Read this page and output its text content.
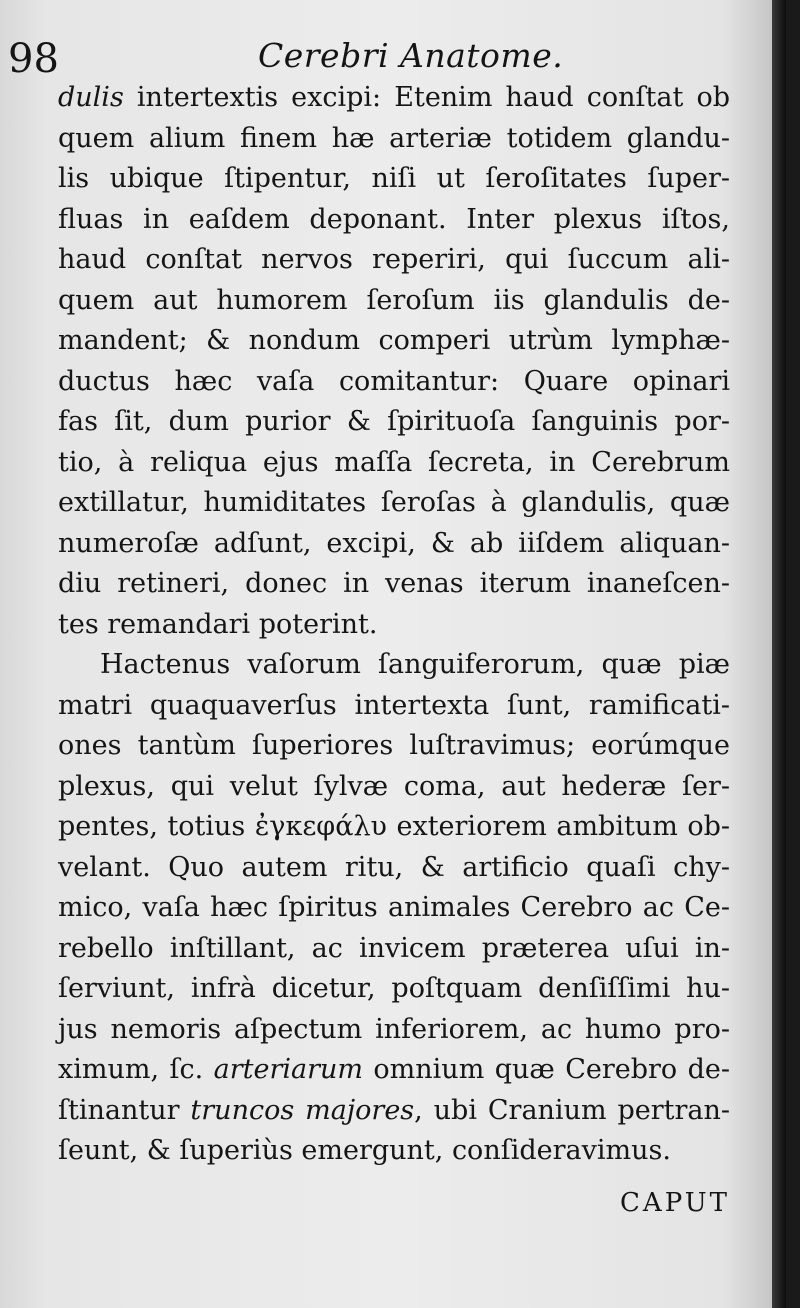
98	Cerebri Anatome.
dulis intertextis excipi: Etenim haud conſtat ob
quem alium finem hæ arteriæ totidem glandu-
lis ubique ſtipentur, niſi ut ſeroſitates ſuper-
fluas in eaſdem deponant. Inter plexus iſtos,
haud conſtat nervos reperiri, qui ſuccum ali-
quem aut humorem ſeroſum iis glandulis de-
mandent; & nondum comperi utrùm lymphæ-
ductus hæc vaſa comitantur: Quare opinari
fas ſit, dum purior & ſpirituoſa ſanguinis por-
tio, à reliqua ejus maſſa ſecreta, in Cerebrum
extillatur, humiditates ſeroſas à glandulis, quæ
numeroſæ adſunt, excipi, & ab iiſdem aliquan-
diu retineri, donec in venas iterum inaneſcen-
tes remandari poterint.
Hactenus vaſorum ſanguiferorum, quæ piæ
matri quaquaverſus intertexta ſunt, ramificati-
ones tantùm ſuperiores luſtravimus; eorúmque
plexus, qui velut ſylvæ coma, aut hederæ ſer-
pentes, totius ἐγκεφάλυ exteriorem ambitum ob-
velant. Quo autem ritu, & artificio quaſi chy-
mico, vaſa hæc ſpiritus animales Cerebro ac Ce-
rebello inſtillant, ac invicem præterea uſui in-
ſerviunt, infrà dicetur, poſtquam denſiſſimi hu-
jus nemoris aſpectum inferiorem, ac humo pro-
ximum, ſc. arteriarum omnium quæ Cerebro de-
ſtinantur truncos majores, ubi Cranium pertran-
ſeunt, & ſuperiùs emergunt, conſideravimus.
CAPUT
